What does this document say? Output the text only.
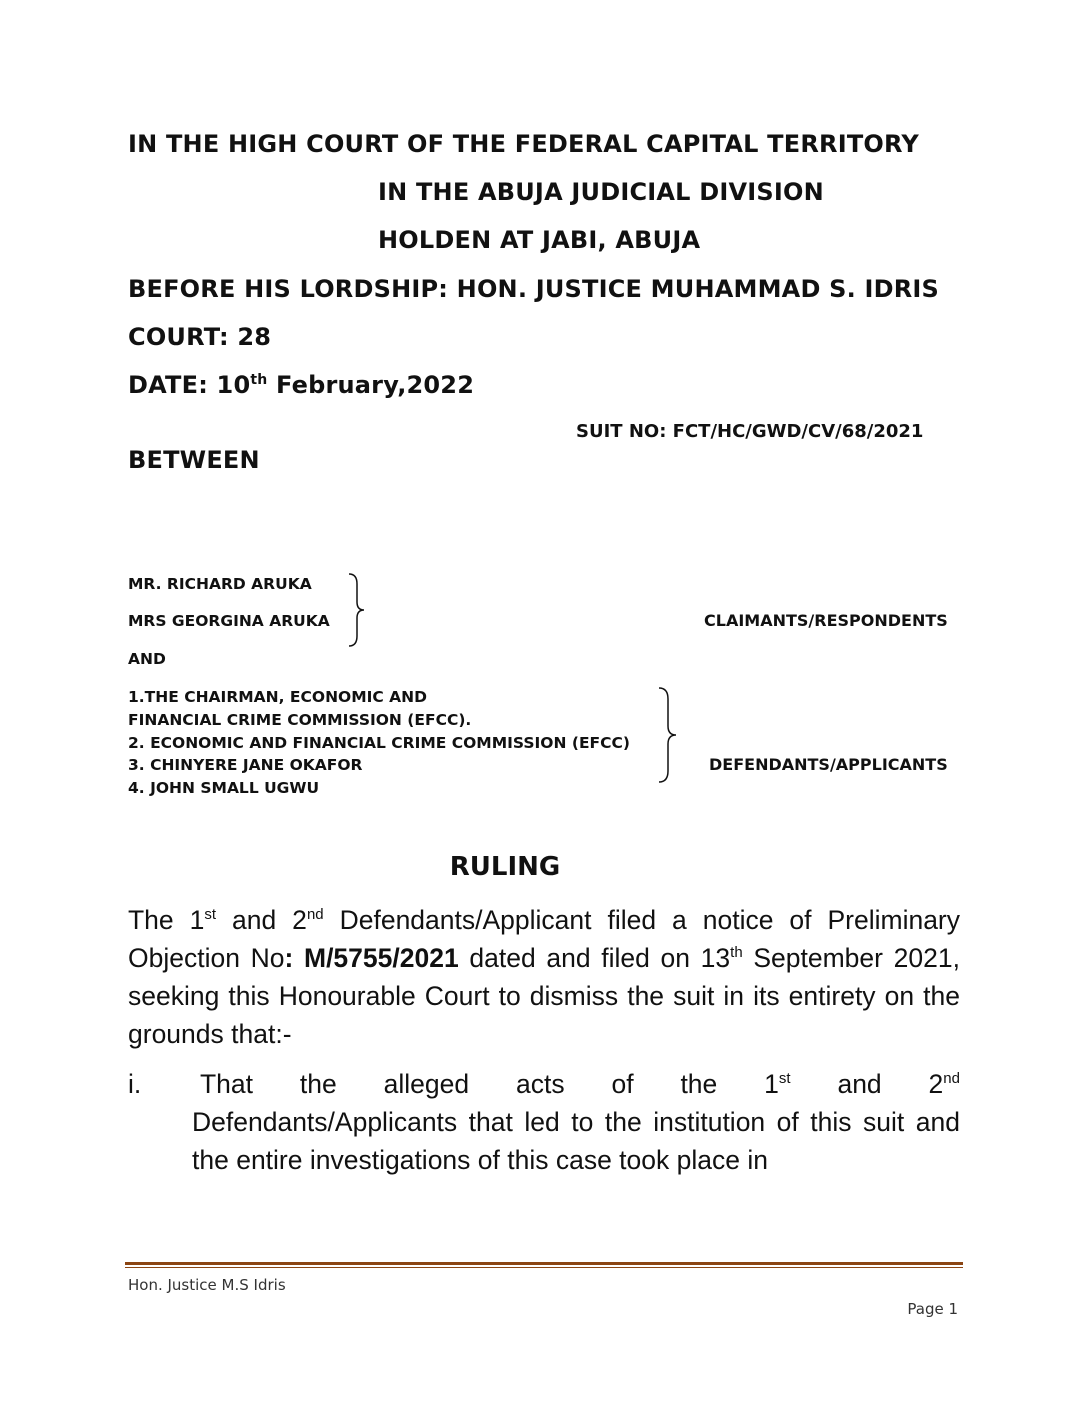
IN THE HIGH COURT OF THE FEDERAL CAPITAL TERRITORY
IN THE ABUJA JUDICIAL DIVISION
HOLDEN AT JABI, ABUJA
BEFORE HIS LORDSHIP: HON. JUSTICE MUHAMMAD S. IDRIS
COURT: 28
DATE: 10th February,2022
SUIT NO: FCT/HC/GWD/CV/68/2021
BETWEEN
MR. RICHARD ARUKA
MRS GEORGINA ARUKA	CLAIMANTS/RESPONDENTS
AND
1.THE CHAIRMAN, ECONOMIC AND
FINANCIAL CRIME COMMISSION (EFCC).
2. ECONOMIC AND FINANCIAL CRIME COMMISSION (EFCC)
3. CHINYERE JANE OKAFOR
4. JOHN SMALL UGWU
DEFENDANTS/APPLICANTS
RULING

The 1st and 2nd Defendants/Applicant filed a notice of Preliminary Objection No: M/5755/2021 dated and filed on 13th September 2021, seeking this Honourable Court to dismiss the suit in its entirety on the grounds that:-

i. That the alleged acts of the 1st and 2nd
Defendants/Applicants that led to the institution of this suit and the entire investigations of this case took place in
Hon. Justice M.S Idris
Page 1
